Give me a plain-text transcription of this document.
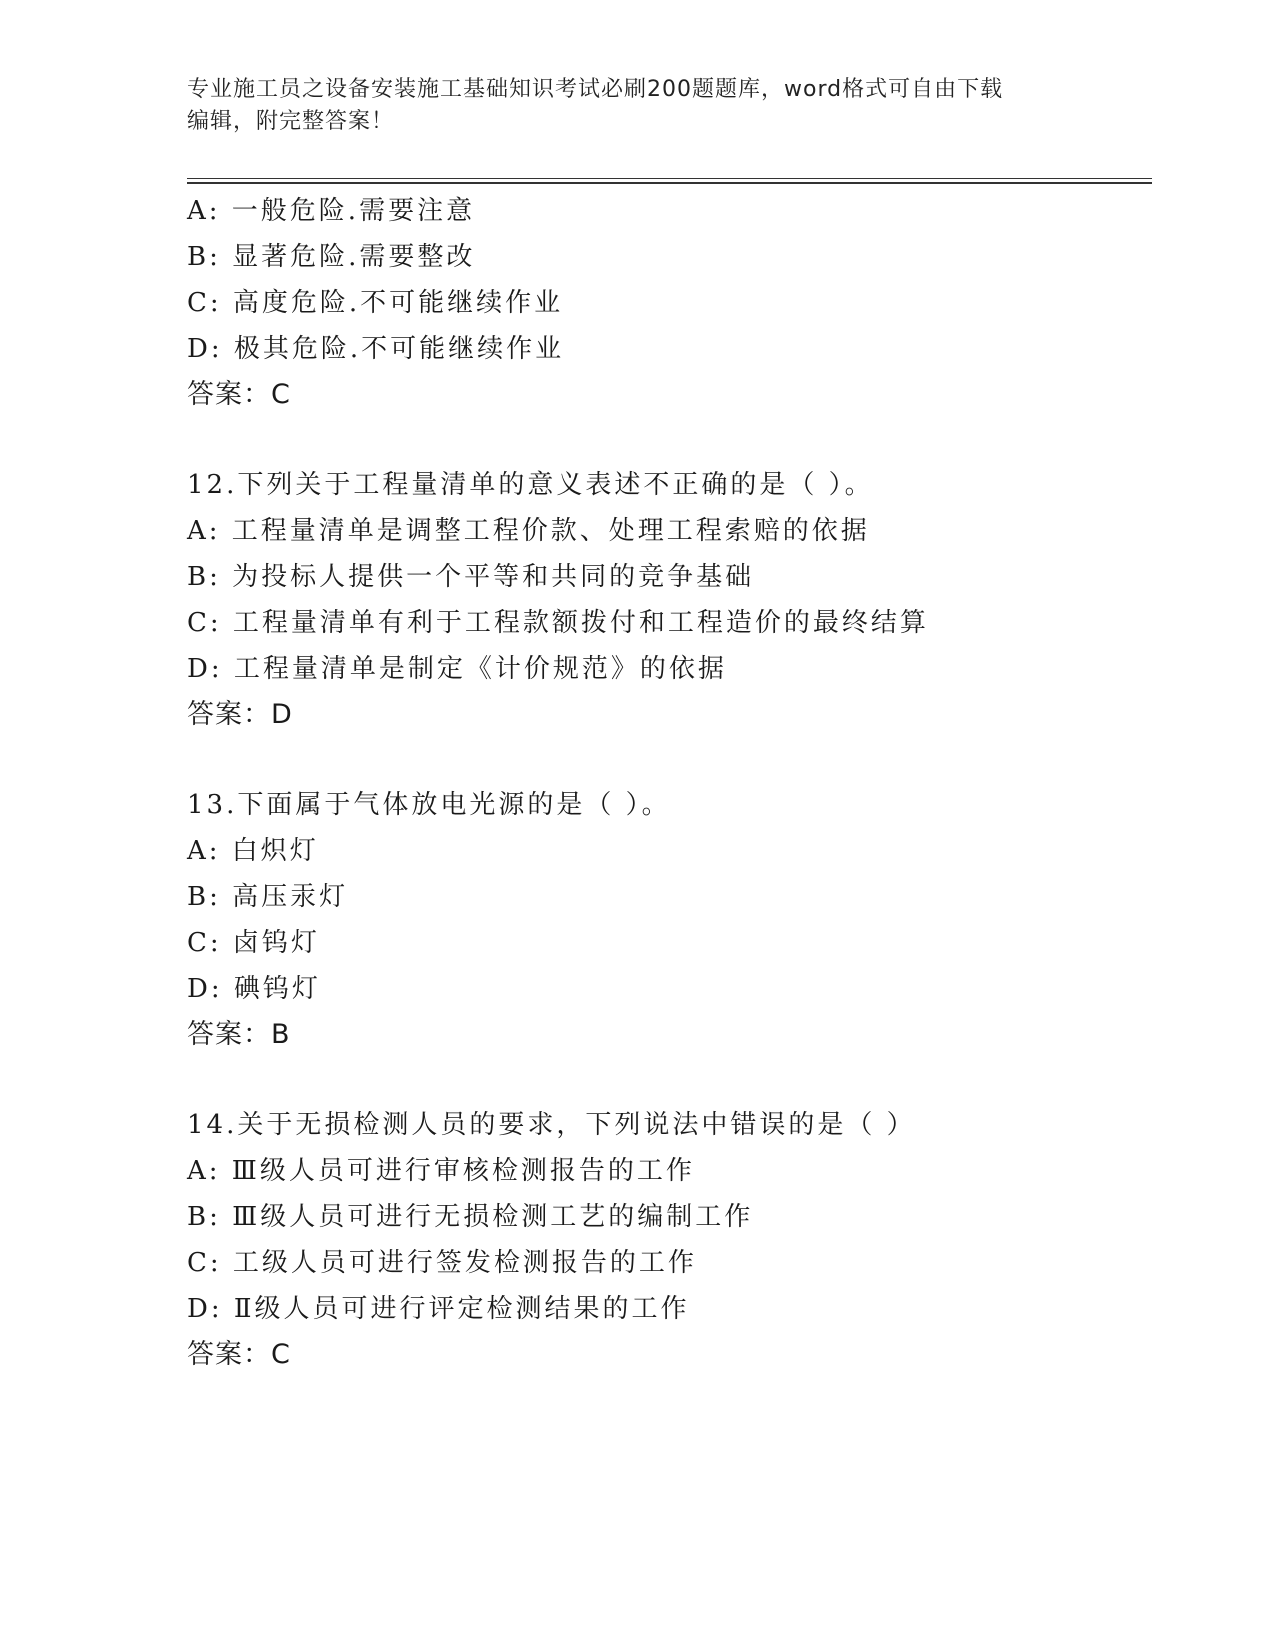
专业施工员之设备安装施工基础知识考试必刷200题题库，word格式可自由下载
编辑，附完整答案！
A: 一般危险.需要注意
B: 显著危险.需要整改
C: 高度危险.不可能继续作业
D: 极其危险.不可能继续作业
答案：C
12.下列关于工程量清单的意义表述不正确的是（ ）。
A: 工程量清单是调整工程价款、处理工程索赔的依据
B: 为投标人提供一个平等和共同的竞争基础
C: 工程量清单有利于工程款额拨付和工程造价的最终结算
D: 工程量清单是制定《计价规范》的依据
答案：D
13.下面属于气体放电光源的是（ ）。
A: 白炽灯
B: 高压汞灯
C: 卤钨灯
D: 碘钨灯
答案：B
14.关于无损检测人员的要求，下列说法中错误的是（ ）
A: Ⅲ级人员可进行审核检测报告的工作
B: Ⅲ级人员可进行无损检测工艺的编制工作
C: 工级人员可进行签发检测报告的工作
D: Ⅱ级人员可进行评定检测结果的工作
答案：C
